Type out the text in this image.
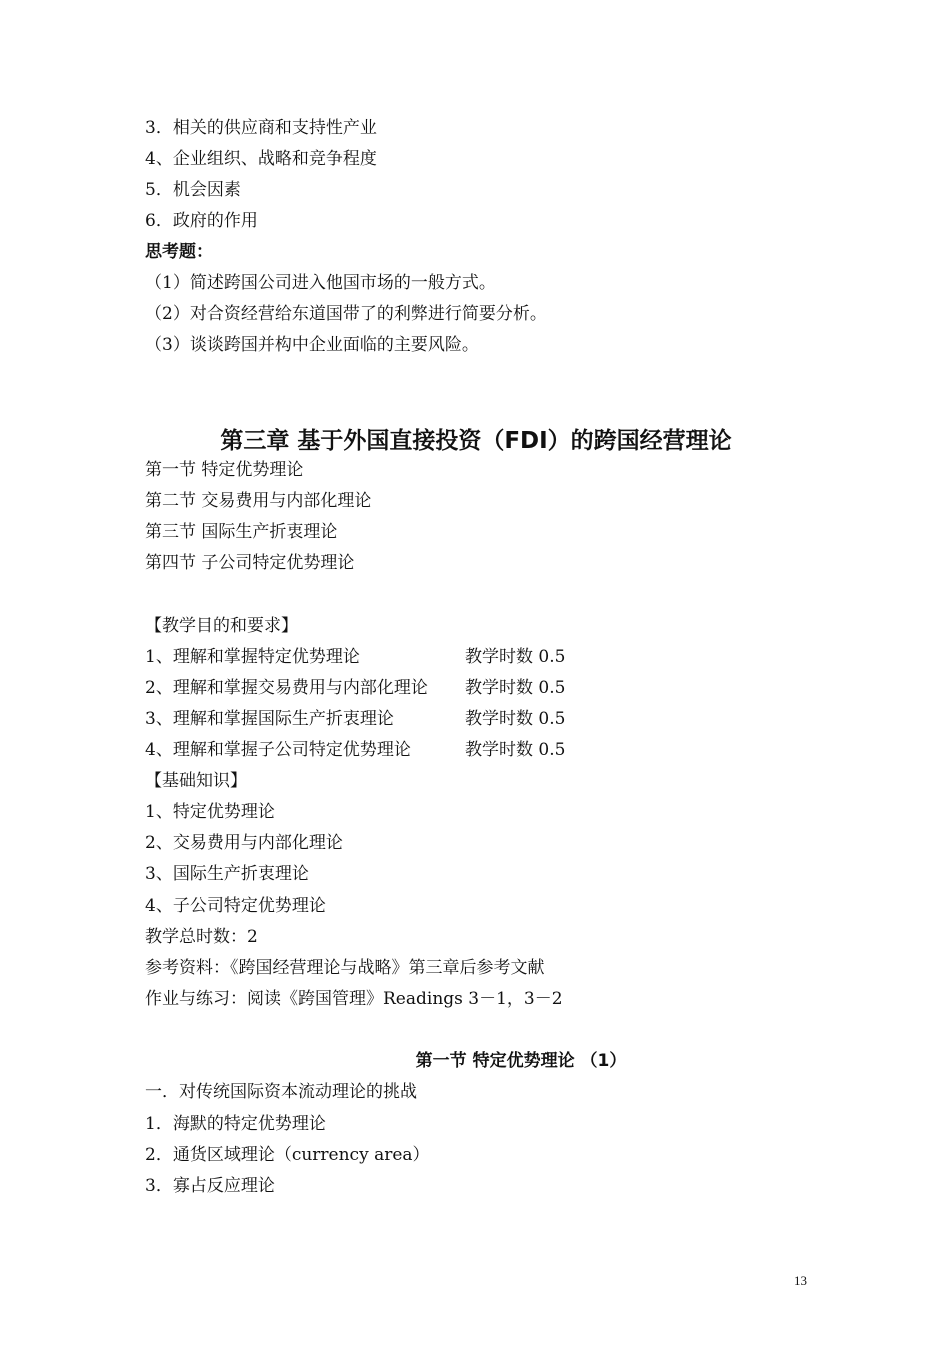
3．相关的供应商和支持性产业
4、企业组织、战略和竞争程度
5．机会因素
6．政府的作用
思考题：
（1）简述跨国公司进入他国市场的一般方式。
（2）对合资经营给东道国带了的利弊进行简要分析。
（3）谈谈跨国并构中企业面临的主要风险。
第三章 基于外国直接投资（FDI）的跨国经营理论
第一节 特定优势理论
第二节 交易费用与内部化理论
第三节 国际生产折衷理论
第四节 子公司特定优势理论
【教学目的和要求】
1、理解和掌握特定优势理论	教学时数 0.5
2、理解和掌握交易费用与内部化理论 教学时数 0.5
3、理解和掌握国际生产折衷理论	教学时数 0.5
4、理解和掌握子公司特定优势理论	教学时数 0.5
【基础知识】
1、特定优势理论
2、交易费用与内部化理论
3、国际生产折衷理论
4、子公司特定优势理论
教学总时数：2
参考资料：《跨国经营理论与战略》第三章后参考文献
作业与练习：阅读《跨国管理》Readings 3－1，3－2
第一节 特定优势理论 （1）
一．对传统国际资本流动理论的挑战
1．海默的特定优势理论
2．通货区域理论（currency area）
3．寡占反应理论
13
